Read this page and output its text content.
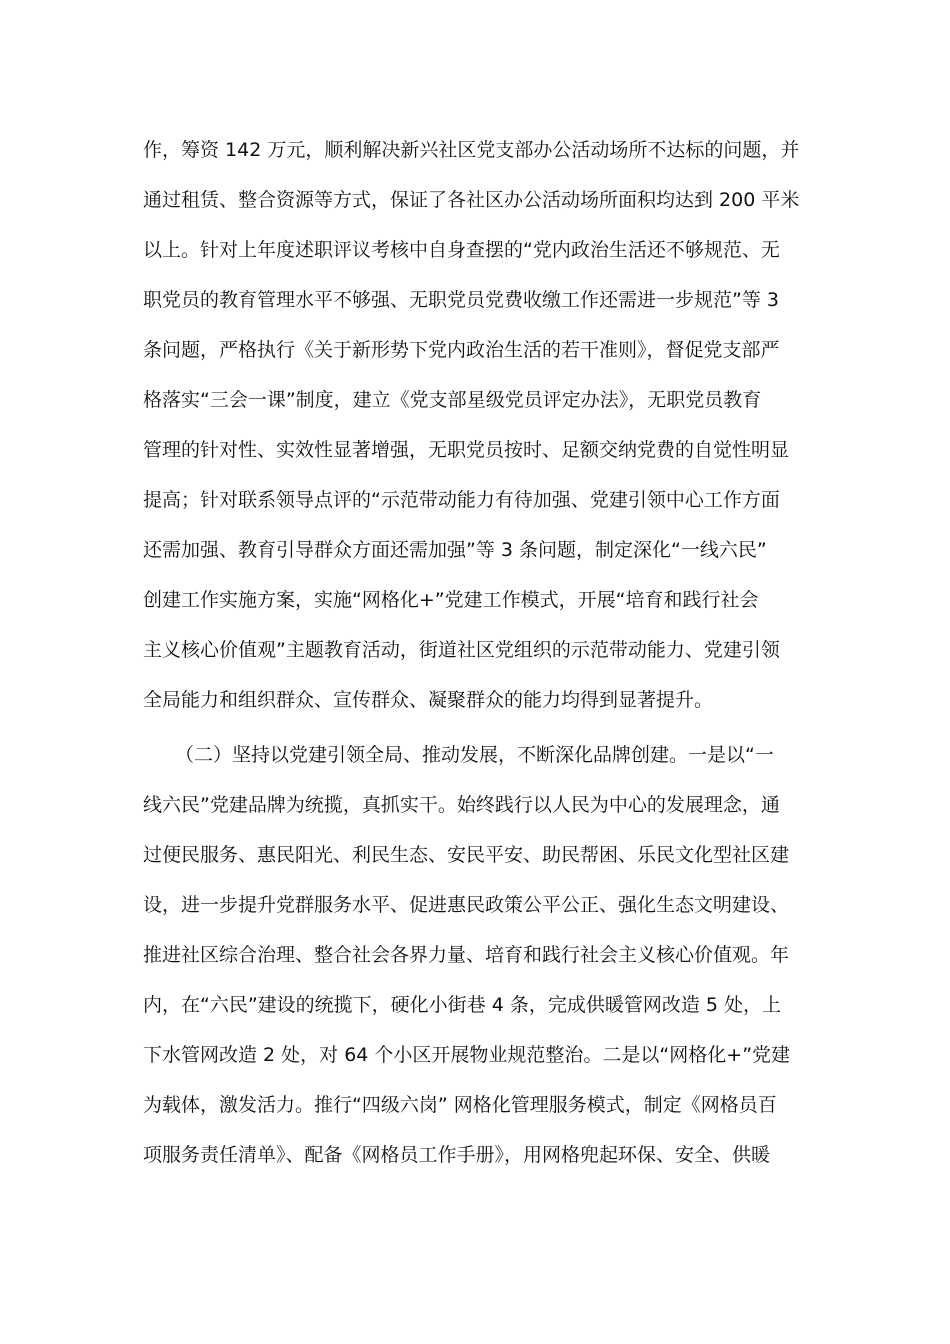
作，筹资 142 万元，顺利解决新兴社区党支部办公活动场所不达标的问题，并
通过租赁、整合资源等方式，保证了各社区办公活动场所面积均达到 200 平米
以上。针对上年度述职评议考核中自身查摆的“党内政治生活还不够规范、无
职党员的教育管理水平不够强、无职党员党费收缴工作还需进一步规范”等 3
条问题，严格执行《关于新形势下党内政治生活的若干准则》，督促党支部严
格落实“三会一课”制度，建立《党支部星级党员评定办法》，无职党员教育
管理的针对性、实效性显著增强，无职党员按时、足额交纳党费的自觉性明显
提高；针对联系领导点评的“示范带动能力有待加强、党建引领中心工作方面
还需加强、教育引导群众方面还需加强”等 3 条问题，制定深化“一线六民”
创建工作实施方案，实施“网格化+”党建工作模式，开展“培育和践行社会
主义核心价值观”主题教育活动，街道社区党组织的示范带动能力、党建引领
全局能力和组织群众、宣传群众、凝聚群众的能力均得到显著提升。
（二）坚持以党建引领全局、推动发展，不断深化品牌创建。一是以“一
线六民”党建品牌为统揽，真抓实干。始终践行以人民为中心的发展理念，通
过便民服务、惠民阳光、利民生态、安民平安、助民帮困、乐民文化型社区建
设，进一步提升党群服务水平、促进惠民政策公平公正、强化生态文明建设、
推进社区综合治理、整合社会各界力量、培育和践行社会主义核心价值观。年
内，在“六民”建设的统揽下，硬化小街巷 4 条，完成供暖管网改造 5 处，上
下水管网改造 2 处，对 64 个小区开展物业规范整治。二是以“网格化+”党建
为载体，激发活力。推行“四级六岗” 网格化管理服务模式，制定《网格员百
项服务责任清单》、配备《网格员工作手册》，用网格兜起环保、安全、供暖
